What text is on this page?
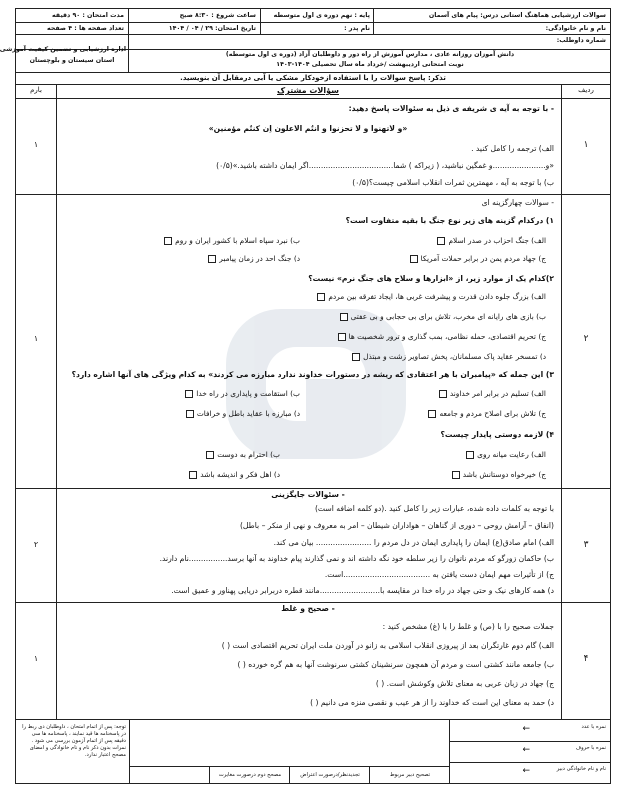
سوالات ارزشیابی هماهنگ استانی درس: پیام های آسمان
پایه : نهم دوره ی اول متوسطه
ساعت شروع : ۸:۳۰ صبح
مدت امتحان : ۹۰ دقیقه
نام و نام خانوادگی:
نام پدر :
تاریخ امتحان: ۲۹ / ۰۴ / ۱۴۰۴
تعداد صفحه ها : ۴ صفحه
شماره داوطلب:
دانش آموزان روزانه عادی ، مدارس آموزش از راه دور و داوطلبان آزاد (دوره ی اول متوسطه)
نوبت امتحانی اردیبهشت /خرداد ماه سال تحصیلی ۱۴۰۴-۱۴۰۳
اداره ارزشیابی و تضمین کیفیت آموزشی
استان سیستان و بلوچستان
تذکر: پاسخ سوالات را با استفاده ازخودکار مشکی یا آبی درمقابل آن بنویسید.
ردیف
سؤالات مشترک
بارم
۱
۱
- با توجه به آیه ی شریفه ی ذیل به سئوالات پاسخ دهید:
«و لاتهنوا و لا تحزنوا و انتُم الاعلون اِن کنتُم مؤمنین»
الف) ترجمه را کامل کنید .
«و......................و غمگین نباشید، ( زیراکه ) شما...................................اگر ایمان داشته باشید.»(۰/۵)
ب) با توجه به آیه ، مهمترین ثمرات انقلاب اسلامی چیست؟(۰/۵)
۲
۱
- سوالات چهارگزینه ای
۱) درکدام گزینه های زیر نوع جنگ با بقیه متفاوت است؟
الف) جنگ احزاب در صدر اسلام
ب) نبرد سپاه اسلام با کشور ایران و روم
ج) جهاد مردم یمن در برابر حملات آمریکا
د) جنگ احد در زمان پیامبر
۲)کدام یک از موارد زیر، از «ابزارها و سلاح های جنگ نرم» نیست؟
الف) بزرگ جلوه دادن قدرت و پیشرفت غربی ها، ایجاد تفرقه بین مردم
ب) بازی های رایانه ای مخرب، تلاش برای بی حجابی و بی عفتی
ج) تحریم اقتصادی، حمله نظامی، بمب گذاری و ترور شخصیت ها
د) تمسخر عقاید پاک مسلمانان، پخش تصاویر زشت و مبتذل
۳) این جمله که «پیامبران با هر اعتقادی که ریشه در دستورات خداوند ندارد مبارزه می کردند» به کدام ویژگی های آنها اشاره دارد؟
الف) تسلیم در برابر امر خداوند
ب) استقامت و پایداری در راه خدا
ج) تلاش برای اصلاح مردم و جامعه
د) مبارزه با عقاید باطل و خرافات
۴) لازمه دوستی پایدار چیست؟
الف) رعایت میانه روی
ب) احترام به دوست
ج) خیرخواه دوستانش باشد
د) اهل فکر و اندیشه باشد
۳
۲
- سئوالات جایگزینی
با توجه به کلمات داده شده، عبارات زیر را کامل کنید .(دو کلمه اضافه است)
(انفاق – آرامش روحی – دوری از گناهان – هواداران شیطان – امر به معروف و نهی از منکر – باطل)
الف) امام صادق(ع) ایمان را پایداری ایمان در دل مردم را ....................... بیان می کند.
ب) حاکمان زورگو که مردم ناتوان را زیر سلطه خود نگه داشته اند و نمی گذارند پیام خداوند به آنها برسد................نام دارند.
ج) از تأثیرات مهم ایمان دست یافتن به ....................................است.
د) همه کارهای نیک و حتی جهاد در راه خدا در مقایسه با.........................مانند قطره دربرابر دریایی پهناور و عمیق است.
۴
۱
- صحیح و غلط
جملات صحیح را با (ص) و غلط را با (غ) مشخص کنید :
الف) گام دوم غارتگران بعد از پیروزی انقلاب اسلامی به زانو در آوردن ملت ایران تحریم اقتصادی است ( )
ب) جامعه مانند کشتی است و مردم آن همچون سرنشینان کشتی سرنوشت آنها به هم گره خورده ( )
ج) جهاد در زبان عربی به معنای تلاش وکوشش است. ( )
د) حمد به معنای این است که خداوند را از هر عیب و نقصی منزه می دانیم ( )
نمره با عدد
←
نمره با حروف
←
نام و نام خانوادگی دبیر
←
تصحیح دبیر مربوط
تجدیدنظر/درصورت اعتراض
مصحح دوم درصورت مغایرت
توجه: پس از اتمام امتحان ، داوطلبان ذی ربط را در پاسخنامه ها قید نمایند ، پاسخنامه ها سی دقیقه پس از اتمام آزمون بررسی می شود . نمرات بدون ذکر نام و نام خانوادگی و امضای مصحح اعتبار ندارد.
